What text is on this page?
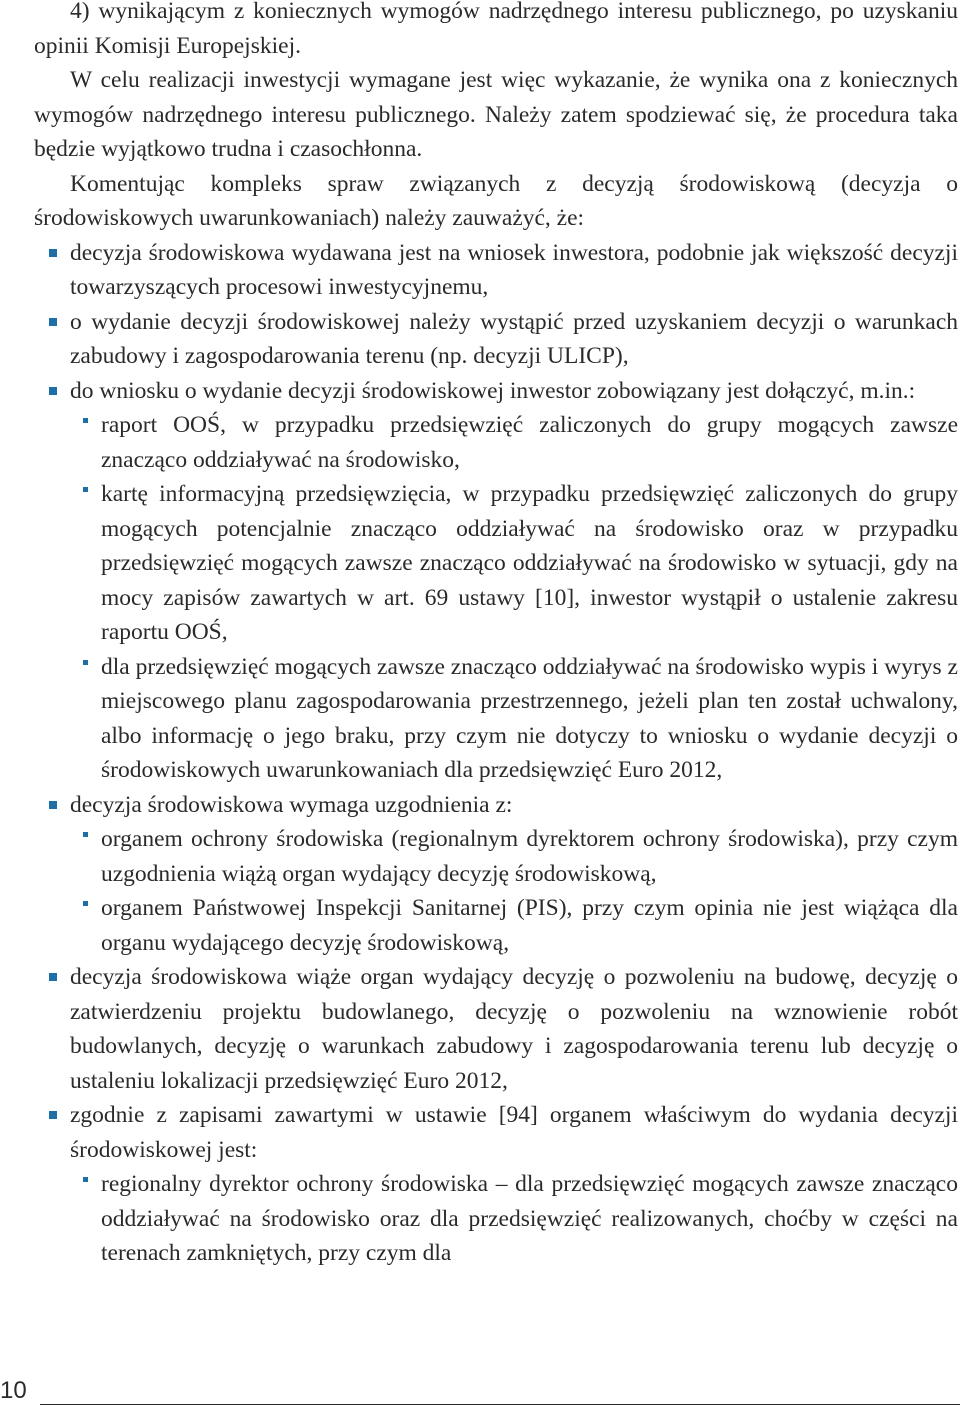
4) wynikającym z koniecznych wymogów nadrzędnego interesu publicznego, po uzyskaniu opinii Komisji Europejskiej.

W celu realizacji inwestycji wymagane jest więc wykazanie, że wynika ona z koniecznych wymogów nadrzędnego interesu publicznego. Należy zatem spodziewać się, że procedura taka będzie wyjątkowo trudna i czasochłonna.

Komentując kompleks spraw związanych z decyzją środowiskową (decyzja o środowiskowych uwarunkowaniach) należy zauważyć, że:

decyzja środowiskowa wydawana jest na wniosek inwestora, podobnie jak większość decyzji towarzyszących procesowi inwestycyjnemu,
o wydanie decyzji środowiskowej należy wystąpić przed uzyskaniem decyzji o warunkach zabudowy i zagospodarowania terenu (np. decyzji ULICP),
do wniosku o wydanie decyzji środowiskowej inwestor zobowiązany jest dołączyć, m.in.:
raport OOŚ, w przypadku przedsięwzięć zaliczonych do grupy mogących zawsze znacząco oddziaływać na środowisko,
kartę informacyjną przedsięwzięcia, w przypadku przedsięwzięć zaliczonych do grupy mogących potencjalnie znacząco oddziaływać na środowisko oraz w przypadku przedsięwzięć mogących zawsze znacząco oddziaływać na środowisko w sytuacji, gdy na mocy zapisów zawartych w art. 69 ustawy [10], inwestor wystąpił o ustalenie zakresu raportu OOŚ,
dla przedsięwzięć mogących zawsze znacząco oddziaływać na środowisko wypis i wyrys z miejscowego planu zagospodarowania przestrzennego, jeżeli plan ten został uchwalony, albo informację o jego braku, przy czym nie dotyczy to wniosku o wydanie decyzji o środowiskowych uwarunkowaniach dla przedsięwzięć Euro 2012,
decyzja środowiskowa wymaga uzgodnienia z:
organem ochrony środowiska (regionalnym dyrektorem ochrony środowiska), przy czym uzgodnienia wiążą organ wydający decyzję środowiskową,
organem Państwowej Inspekcji Sanitarnej (PIS), przy czym opinia nie jest wiążąca dla organu wydającego decyzję środowiskową,
decyzja środowiskowa wiąże organ wydający decyzję o pozwoleniu na budowę, decyzję o zatwierdzeniu projektu budowlanego, decyzję o pozwoleniu na wznowienie robót budowlanych, decyzję o warunkach zabudowy i zagospodarowania terenu lub decyzję o ustaleniu lokalizacji przedsięwzięć Euro 2012,
zgodnie z zapisami zawartymi w ustawie [94] organem właściwym do wydania decyzji środowiskowej jest:
regionalny dyrektor ochrony środowiska – dla przedsięwzięć mogących zawsze znacząco oddziaływać na środowisko oraz dla przedsięwzięć realizowanych, choćby w części na terenach zamkniętych, przy czym dla
10
